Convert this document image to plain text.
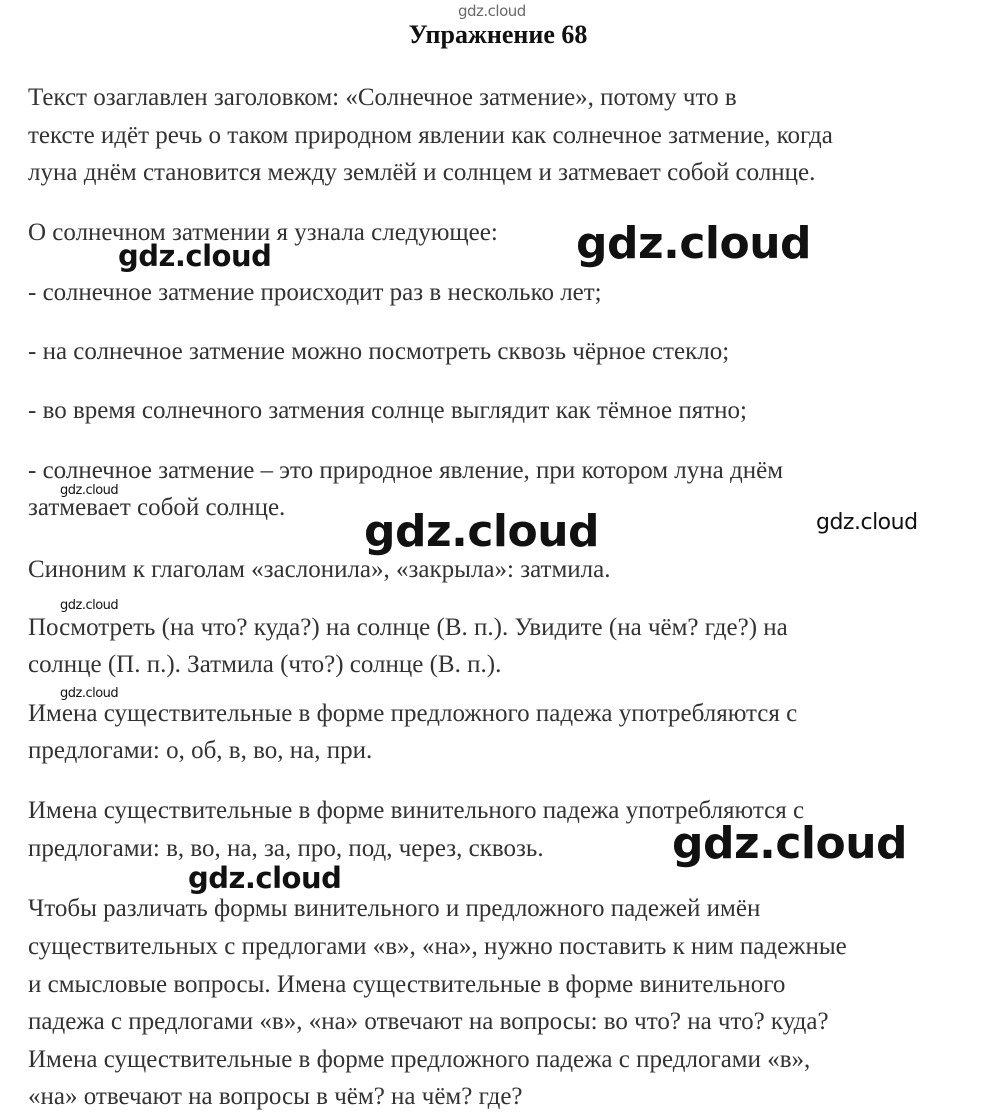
gdz.cloud
Упражнение 68
Текст озаглавлен заголовком: «Солнечное затмение», потому что в
тексте идёт речь о таком природном явлении как солнечное затмение, когда
луна днём становится между землёй и солнцем и затмевает собой солнце.
О солнечном затмении я узнала следующее:
- солнечное затмение происходит раз в несколько лет;
- на солнечное затмение можно посмотреть сквозь чёрное стекло;
- во время солнечного затмения солнце выглядит как тёмное пятно;
- солнечное затмение – это природное явление, при котором луна днём
затмевает собой солнце.
Синоним к глаголам «заслонила», «закрыла»: затмила.
Посмотреть (на что? куда?) на солнце (В. п.). Увидите (на чём? где?) на
солнце (П. п.). Затмила (что?) солнце (В. п.).
Имена существительные в форме предложного падежа употребляются с
предлогами: о, об, в, во, на, при.
Имена существительные в форме винительного падежа употребляются с
предлогами: в, во, на, за, про, под, через, сквозь.
Чтобы различать формы винительного и предложного падежей имён
существительных с предлогами «в», «на», нужно поставить к ним падежные
и смысловые вопросы. Имена существительные в форме винительного
падежа с предлогами «в», «на» отвечают на вопросы: во что? на что? куда?
Имена существительные в форме предложного падежа с предлогами «в»,
«на» отвечают на вопросы в чём? на чём? где?
gdz.cloud
gdz.cloud
gdz.cloud
gdz.cloud	gdz.cloud
gdz.cloud
gdz.cloud
gdz.cloud
gdz.cloud
